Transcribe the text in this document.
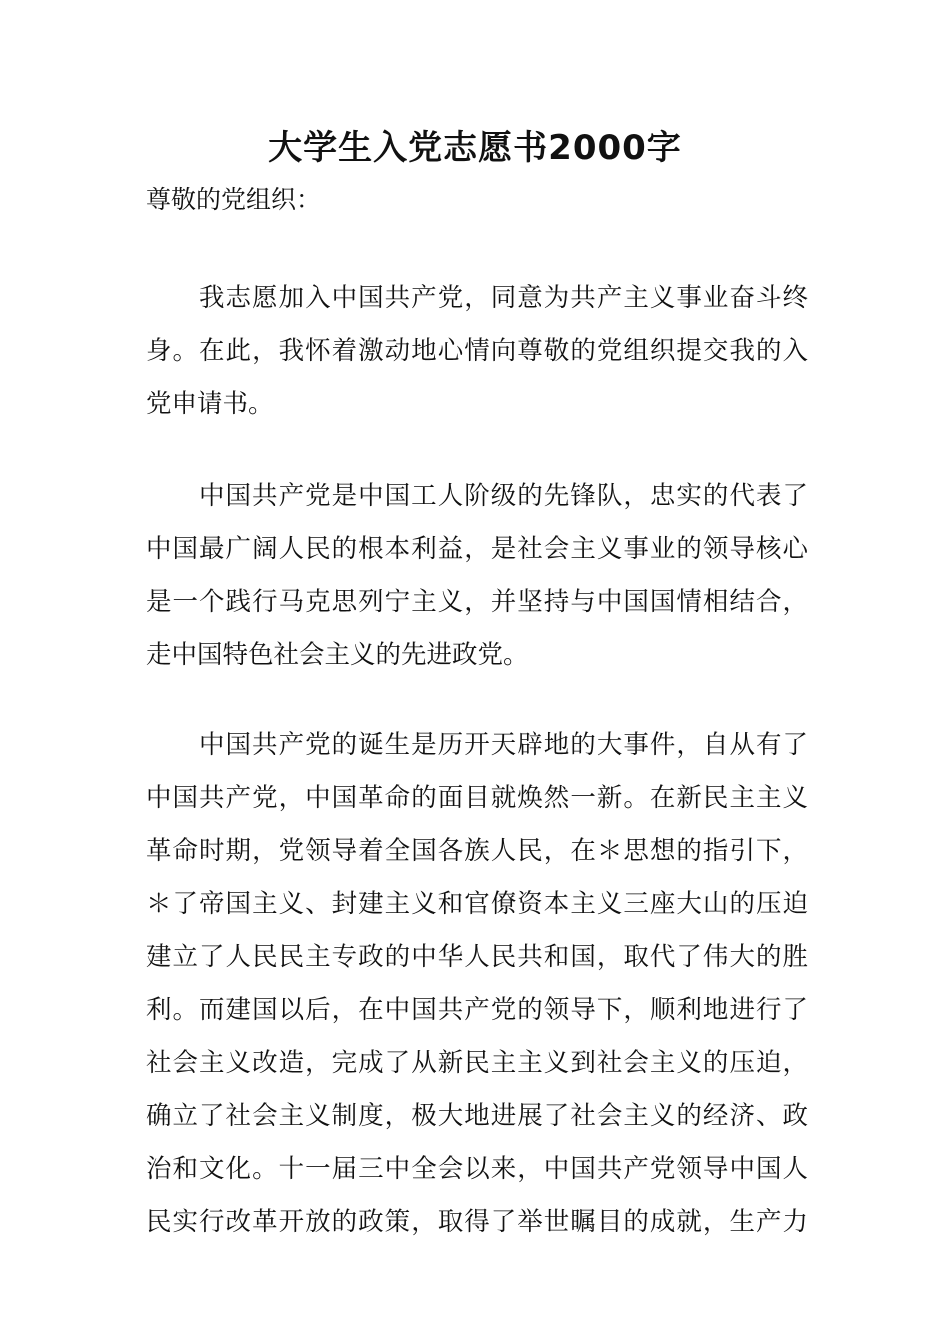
大学生入党志愿书2000字
尊敬的党组织：
我志愿加入中国共产党，同意为共产主义事业奋斗终
身。在此，我怀着激动地心情向尊敬的党组织提交我的入
党申请书。
中国共产党是中国工人阶级的先锋队，忠实的代表了
中国最广阔人民的根本利益，是社会主义事业的领导核心
是一个践行马克思列宁主义，并坚持与中国国情相结合，
走中国特色社会主义的先进政党。
中国共产党的诞生是历开天辟地的大事件，自从有了
中国共产党，中国革命的面目就焕然一新。在新民主主义
革命时期，党领导着全国各族人民，在＊思想的指引下，
＊了帝国主义、封建主义和官僚资本主义三座大山的压迫
建立了人民民主专政的中华人民共和国，取代了伟大的胜
利。而建国以后，在中国共产党的领导下，顺利地进行了
社会主义改造，完成了从新民主主义到社会主义的压迫，
确立了社会主义制度，极大地进展了社会主义的经济、政
治和文化。十一届三中全会以来，中国共产党领导中国人
民实行改革开放的政策，取得了举世瞩目的成就，生产力
